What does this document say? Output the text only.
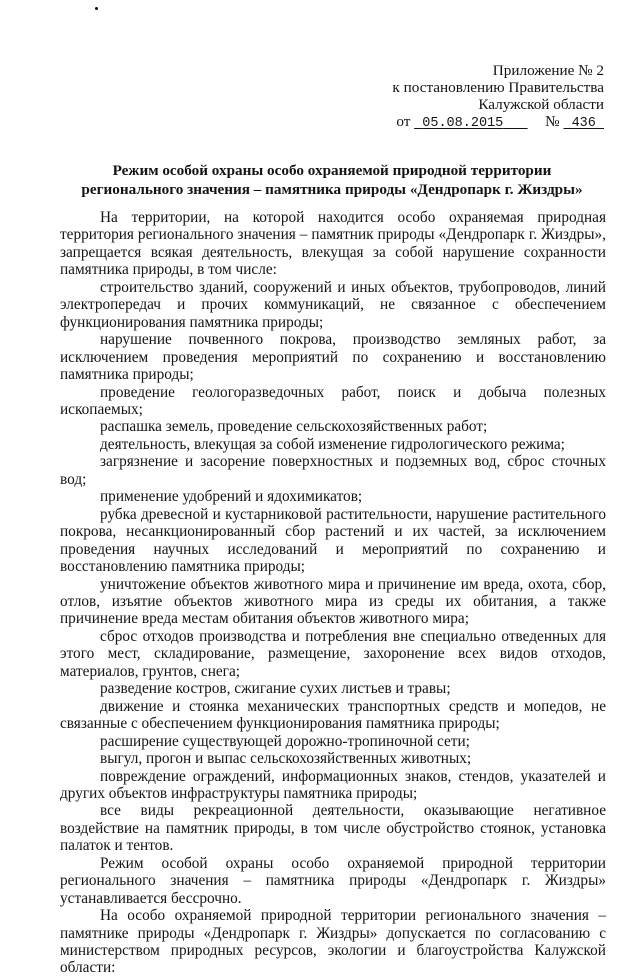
Приложение № 2
к постановлению Правительства
Калужской области
от 05.08.2015	№ 436
Режим особой охраны особо охраняемой природной территории регионального значения – памятника природы «Дендропарк г. Жиздры»

На территории, на которой находится особо охраняемая природная территория регионального значения – памятник природы «Дендропарк г. Жиздры», запрещается всякая деятельность, влекущая за собой нарушение сохранности памятника природы, в том числе:

строительство зданий, сооружений и иных объектов, трубопроводов, линий электропередач и прочих коммуникаций, не связанное с обеспечением функционирования памятника природы;

нарушение почвенного покрова, производство земляных работ, за исключением проведения мероприятий по сохранению и восстановлению памятника природы;

проведение геологоразведочных работ, поиск и добыча полезных ископаемых;

распашка земель, проведение сельскохозяйственных работ;

деятельность, влекущая за собой изменение гидрологического режима;

загрязнение и засорение поверхностных и подземных вод, сброс сточных вод;

применение удобрений и ядохимикатов;

рубка древесной и кустарниковой растительности, нарушение растительного покрова, несанкционированный сбор растений и их частей, за исключением проведения научных исследований и мероприятий по сохранению и восстановлению памятника природы;

уничтожение объектов животного мира и причинение им вреда, охота, сбор, отлов, изъятие объектов животного мира из среды их обитания, а также причинение вреда местам обитания объектов животного мира;

сброс отходов производства и потребления вне специально отведенных для этого мест, складирование, размещение, захоронение всех видов отходов, материалов, грунтов, снега;

разведение костров, сжигание сухих листьев и травы;

движение и стоянка механических транспортных средств и мопедов, не связанные с обеспечением функционирования памятника природы;

расширение существующей дорожно-тропиночной сети;

выгул, прогон и выпас сельскохозяйственных животных;

повреждение ограждений, информационных знаков, стендов, указателей и других объектов инфраструктуры памятника природы;

все виды рекреационной деятельности, оказывающие негативное воздействие на памятник природы, в том числе обустройство стоянок, установка палаток и тентов.

Режим особой охраны особо охраняемой природной территории регионального значения – памятника природы «Дендропарк г. Жиздры» устанавливается бессрочно.

На особо охраняемой природной территории регионального значения – памятнике природы «Дендропарк г. Жиздры» допускается по согласованию с министерством природных ресурсов, экологии и благоустройства Калужской области:
